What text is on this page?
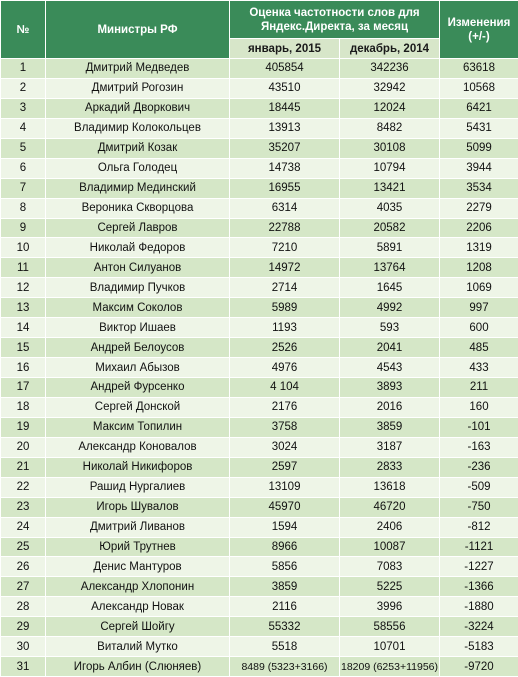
№	Министры РФ	Оценка частотности слов для Яндекс.Директа, за месяц		Изменения (+/-)
		январь, 2015	декабрь, 2014	
1	Дмитрий Медведев	405854	342236	63618
2	Дмитрий Рогозин	43510	32942	10568
3	Аркадий Дворкович	18445	12024	6421
4	Владимир Колокольцев	13913	8482	5431
5	Дмитрий Козак	35207	30108	5099
6	Ольга Голодец	14738	10794	3944
7	Владимир Мединский	16955	13421	3534
8	Вероника Скворцова	6314	4035	2279
9	Сергей Лавров	22788	20582	2206
10	Николай Федоров	7210	5891	1319
11	Антон Силуанов	14972	13764	1208
12	Владимир Пучков	2714	1645	1069
13	Максим Соколов	5989	4992	997
14	Виктор Ишаев	1193	593	600
15	Андрей Белоусов	2526	2041	485
16	Михаил Абызов	4976	4543	433
17	Андрей Фурсенко	4 104	3893	211
18	Сергей Донской	2176	2016	160
19	Максим Топилин	3758	3859	-101
20	Александр Коновалов	3024	3187	-163
21	Николай Никифоров	2597	2833	-236
22	Рашид Нургалиев	13109	13618	-509
23	Игорь Шувалов	45970	46720	-750
24	Дмитрий Ливанов	1594	2406	-812
25	Юрий Трутнев	8966	10087	-1121
26	Денис Мантуров	5856	7083	-1227
27	Александр Хлопонин	3859	5225	-1366
28	Александр Новак	2116	3996	-1880
29	Сергей Шойгу	55332	58556	-3224
30	Виталий Мутко	5518	10701	-5183
31	Игорь Албин (Слюняев)	8489 (5323+3166)	18209 (6253+11956)	-9720
